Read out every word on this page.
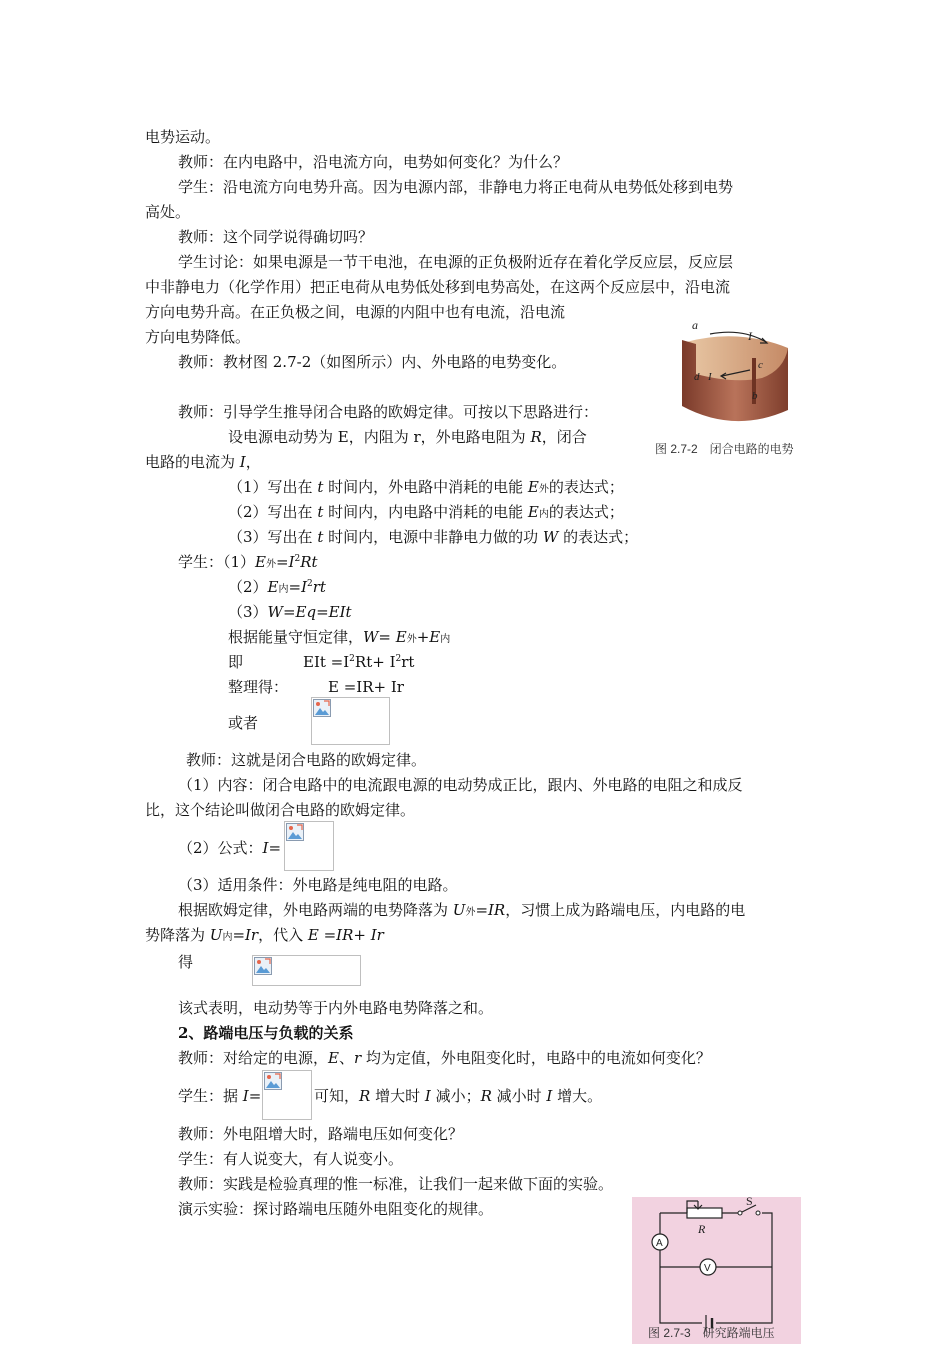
电势运动。
教师：在内电路中，沿电流方向，电势如何变化？为什么？
学生：沿电流方向电势升高。因为电源内部，非静电力将正电荷从电势低处移到电势
高处。
教师：这个同学说得确切吗？
学生讨论：如果电源是一节干电池，在电源的正负极附近存在着化学反应层，反应层
中非静电力（化学作用）把正电荷从电势低处移到电势高处，在这两个反应层中，沿电流
方向电势升高。在正负极之间，电源的内阻中也有电流，沿电流
方向电势降低。
教师：教材图 2.7-2（如图所示）内、外电路的电势变化。
教师：引导学生推导闭合电路的欧姆定律。可按以下思路进行：
设电源电动势为 E，内阻为 r，外电路电阻为 R，闭合
电路的电流为 I，
（1）写出在 t 时间内，外电路中消耗的电能 E外的表达式；
（2）写出在 t 时间内，内电路中消耗的电能 E内的表达式；
（3）写出在 t 时间内，电源中非静电力做的功 W 的表达式；
学生：（1）E外$=I^2Rt$
（2）E内$=I^2rt$
（3）W=Eq=EIt
根据能量守恒定律，W= E外+E内
即	EIt $=I^2Rt+ I^2rt$
整理得：	E =IR+ Ir
或者
教师：这就是闭合电路的欧姆定律。
（1）内容：闭合电路中的电流跟电源的电动势成正比，跟内、外电路的电阻之和成反
比，这个结论叫做闭合电路的欧姆定律。
（2）公式：I=
（3）适用条件：外电路是纯电阻的电路。
根据欧姆定律，外电路两端的电势降落为 U外=IR，习惯上成为路端电压，内电路的电
势降落为 U内=Ir，代入 E =IR+ Ir
得
该式表明，电动势等于内外电路电势降落之和。
2、路端电压与负载的关系
教师：对给定的电源，E、r 均为定值，外电阻变化时，电路中的电流如何变化？
学生：据 I=	可知，R 增大时 I 减小；R 减小时 I 增大。
教师：外电阻增大时，路端电压如何变化？
学生：有人说变大，有人说变小。
教师：实践是检验真理的惟一标准，让我们一起来做下面的实验。
演示实验：探讨路端电压随外电阻变化的规律。
a
I
c
d I
b
图 2.7-2　闭合电路的电势
A
V
R
S
图 2.7-3　研究路端电压
